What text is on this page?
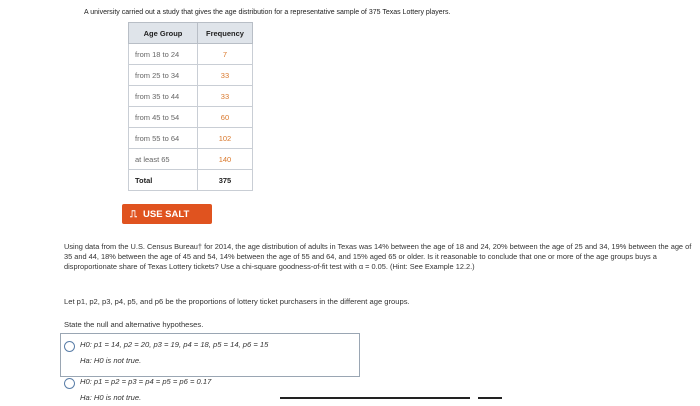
A university carried out a study that gives the age distribution for a representative sample of 375 Texas Lottery players.
Age Group	Frequency
from 18 to 24	7
from 25 to 34	33
from 35 to 44	33
from 45 to 54	60
from 55 to 64	102
at least 65	140
Total	375
⎍ USE SALT
Using data from the U.S. Census Bureau† for 2014, the age distribution of adults in Texas was 14% between the age of 18 and 24, 20% between the age of 25 and 34, 19% between the age of 35 and 44, 18% between the age of 45 and 54, 14% between the age of 55 and 64, and 15% aged 65 or older. Is it reasonable to conclude that one or more of the age groups buys a disproportionate share of Texas Lottery tickets? Use a chi-square goodness-of-fit test with α = 0.05. (Hint: See Example 12.2.)
Let p1, p2, p3, p4, p5, and p6 be the proportions of lottery ticket purchasers in the different age groups.
State the null and alternative hypotheses.
H0: p1 = 14, p2 = 20, p3 = 19, p4 = 18, p5 = 14, p6 = 15
Ha: H0 is not true.
H0: p1 = p2 = p3 = p4 = p5 = p6 = 0.17
Ha: H0 is not true.
